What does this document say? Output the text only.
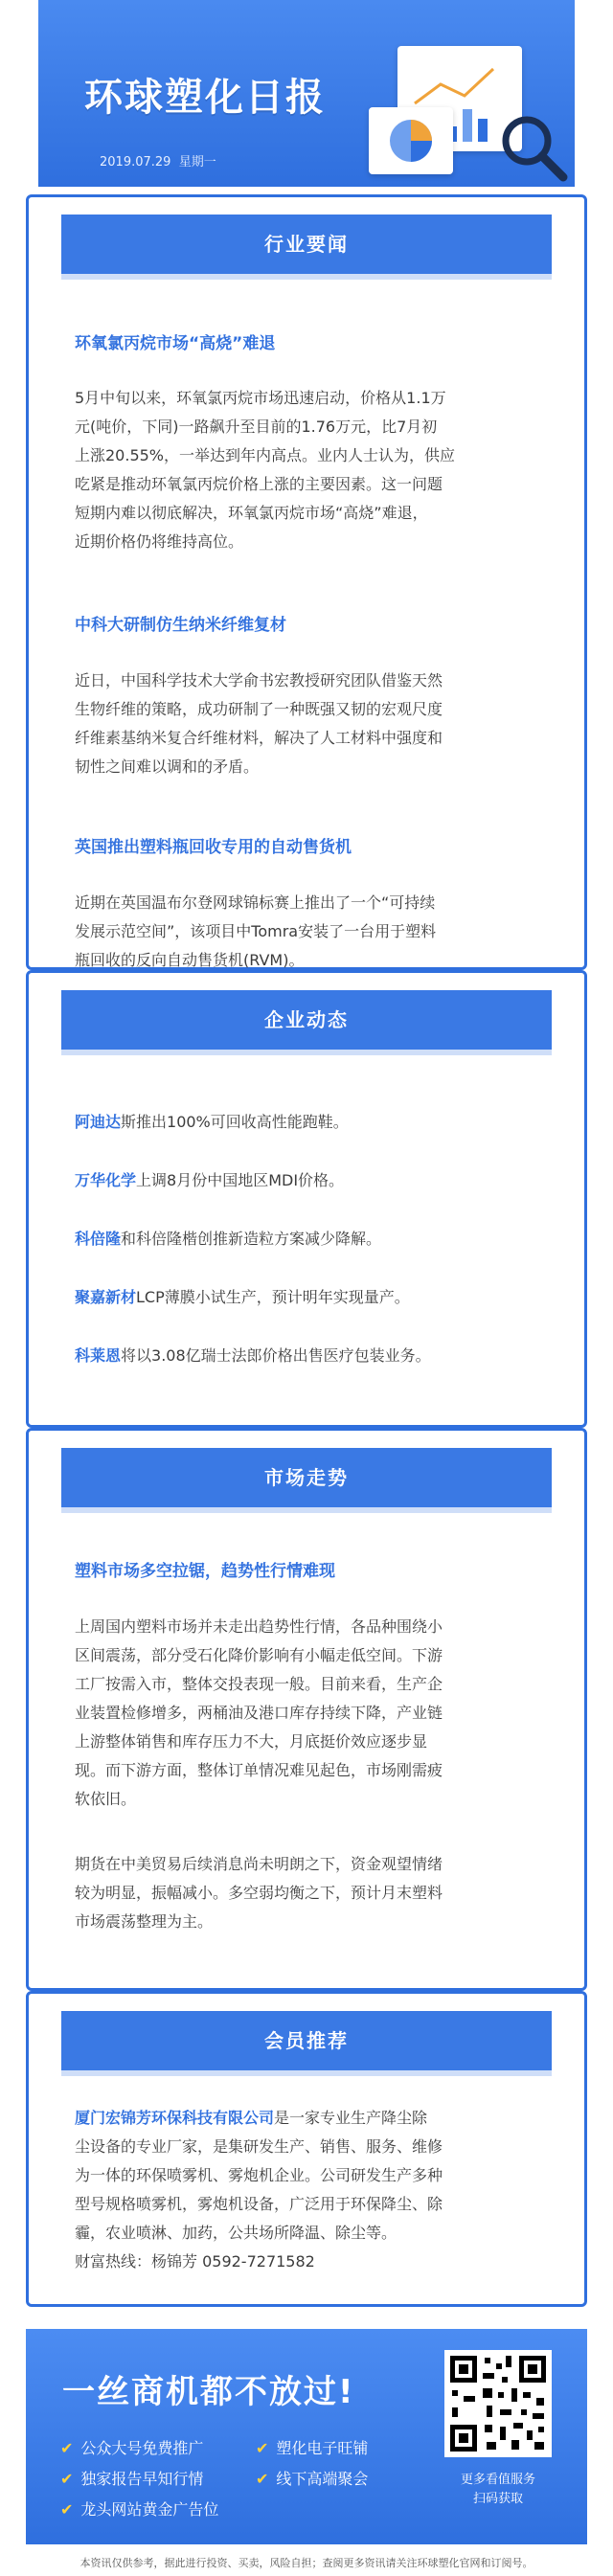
环球塑化日报
2019.07.29 星期一
行业要闻
环氧氯丙烷市场“高烧”难退
5月中旬以来，环氧氯丙烷市场迅速启动，价格从1.1万
元(吨价，下同)一路飙升至目前的1.76万元，比7月初
上涨20.55%，一举达到年内高点。业内人士认为，供应
吃紧是推动环氧氯丙烷价格上涨的主要因素。这一问题
短期内难以彻底解决，环氧氯丙烷市场“高烧”难退，
近期价格仍将维持高位。
中科大研制仿生纳米纤维复材
近日，中国科学技术大学俞书宏教授研究团队借鉴天然
生物纤维的策略，成功研制了一种既强又韧的宏观尺度
纤维素基纳米复合纤维材料，解决了人工材料中强度和
韧性之间难以调和的矛盾。
英国推出塑料瓶回收专用的自动售货机
近期在英国温布尔登网球锦标赛上推出了一个“可持续
发展示范空间”，该项目中Tomra安装了一台用于塑料
瓶回收的反向自动售货机(RVM)。
企业动态
阿迪达斯推出100%可回收高性能跑鞋。
万华化学上调8月份中国地区MDI价格。
科倍隆和科倍隆楷创推新造粒方案减少降解。
聚嘉新材LCP薄膜小试生产，预计明年实现量产。
科莱恩将以3.08亿瑞士法郎价格出售医疗包装业务。
市场走势
塑料市场多空拉锯，趋势性行情难现
上周国内塑料市场并未走出趋势性行情，各品种围绕小
区间震荡，部分受石化降价影响有小幅走低空间。下游
工厂按需入市，整体交投表现一般。目前来看，生产企
业装置检修增多，两桶油及港口库存持续下降，产业链
上游整体销售和库存压力不大，月底挺价效应逐步显
现。而下游方面，整体订单情况难见起色，市场刚需疲
软依旧。
期货在中美贸易后续消息尚未明朗之下，资金观望情绪
较为明显，振幅减小。多空弱均衡之下，预计月末塑料
市场震荡整理为主。
会员推荐
厦门宏锦芳环保科技有限公司是一家专业生产降尘除
尘设备的专业厂家，是集研发生产、销售、服务、维修
为一体的环保喷雾机、雾炮机企业。公司研发生产多种
型号规格喷雾机，雾炮机设备，广泛用于环保降尘、除
霾，农业喷淋、加药，公共场所降温、除尘等。
财富热线：杨锦芳 0592-7271582
一丝商机都不放过!
✔ 公众大号免费推广	✔ 塑化电子旺铺
✔ 独家报告早知行情	✔ 线下高端聚会
✔ 龙头网站黄金广告位
更多看值服务
扫码获取
本资讯仅供参考，据此进行投资、买卖，风险自担；查阅更多资讯请关注环球塑化官网和订阅号。
